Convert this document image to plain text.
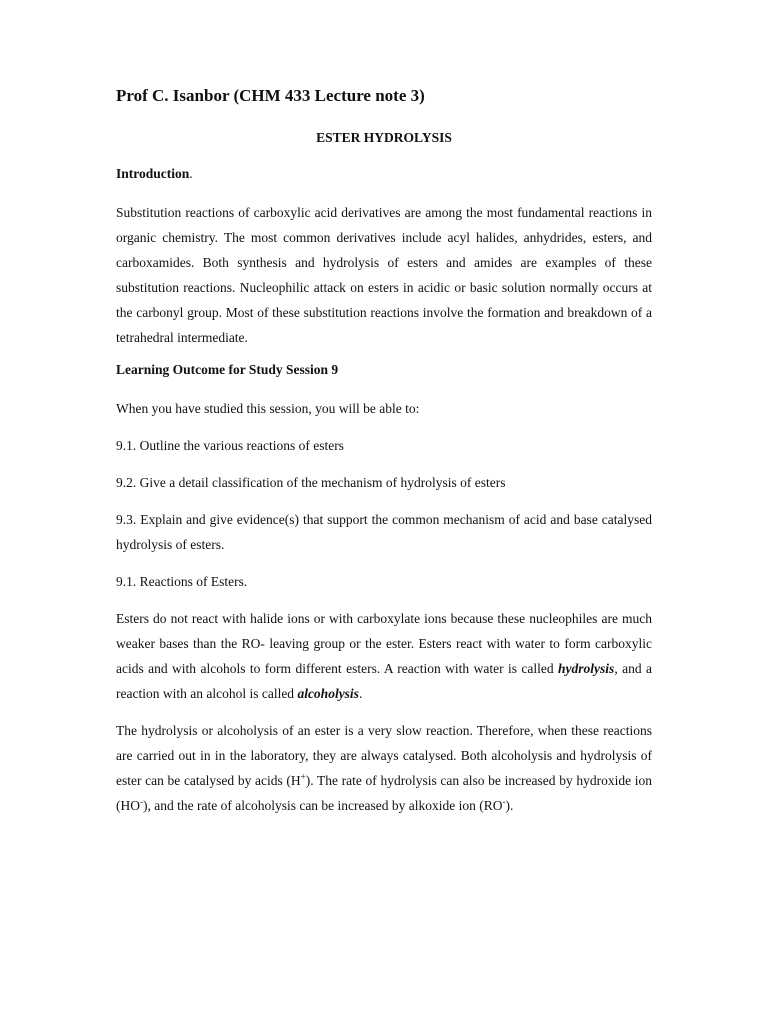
Prof C. Isanbor (CHM 433 Lecture note 3)
ESTER HYDROLYSIS
Introduction.

Substitution reactions of carboxylic acid derivatives are among the most fundamental reactions in organic chemistry. The most common derivatives include acyl halides, anhydrides, esters, and carboxamides. Both synthesis and hydrolysis of esters and amides are examples of these substitution reactions. Nucleophilic attack on esters in acidic or basic solution normally occurs at the carbonyl group. Most of these substitution reactions involve the formation and breakdown of a tetrahedral intermediate.

Learning Outcome for Study Session 9

When you have studied this session, you will be able to:

9.1. Outline the various reactions of esters

9.2. Give a detail classification of the mechanism of hydrolysis of esters

9.3. Explain and give evidence(s) that support the common mechanism of acid and base catalysed hydrolysis of esters.

9.1. Reactions of Esters.

Esters do not react with halide ions or with carboxylate ions because these nucleophiles are much weaker bases than the RO- leaving group or the ester. Esters react with water to form carboxylic acids and with alcohols to form different esters. A reaction with water is called hydrolysis, and a reaction with an alcohol is called alcoholysis.

The hydrolysis or alcoholysis of an ester is a very slow reaction. Therefore, when these reactions are carried out in in the laboratory, they are always catalysed. Both alcoholysis and hydrolysis of ester can be catalysed by acids (H+). The rate of hydrolysis can also be increased by hydroxide ion (HO-), and the rate of alcoholysis can be increased by alkoxide ion (RO-).
